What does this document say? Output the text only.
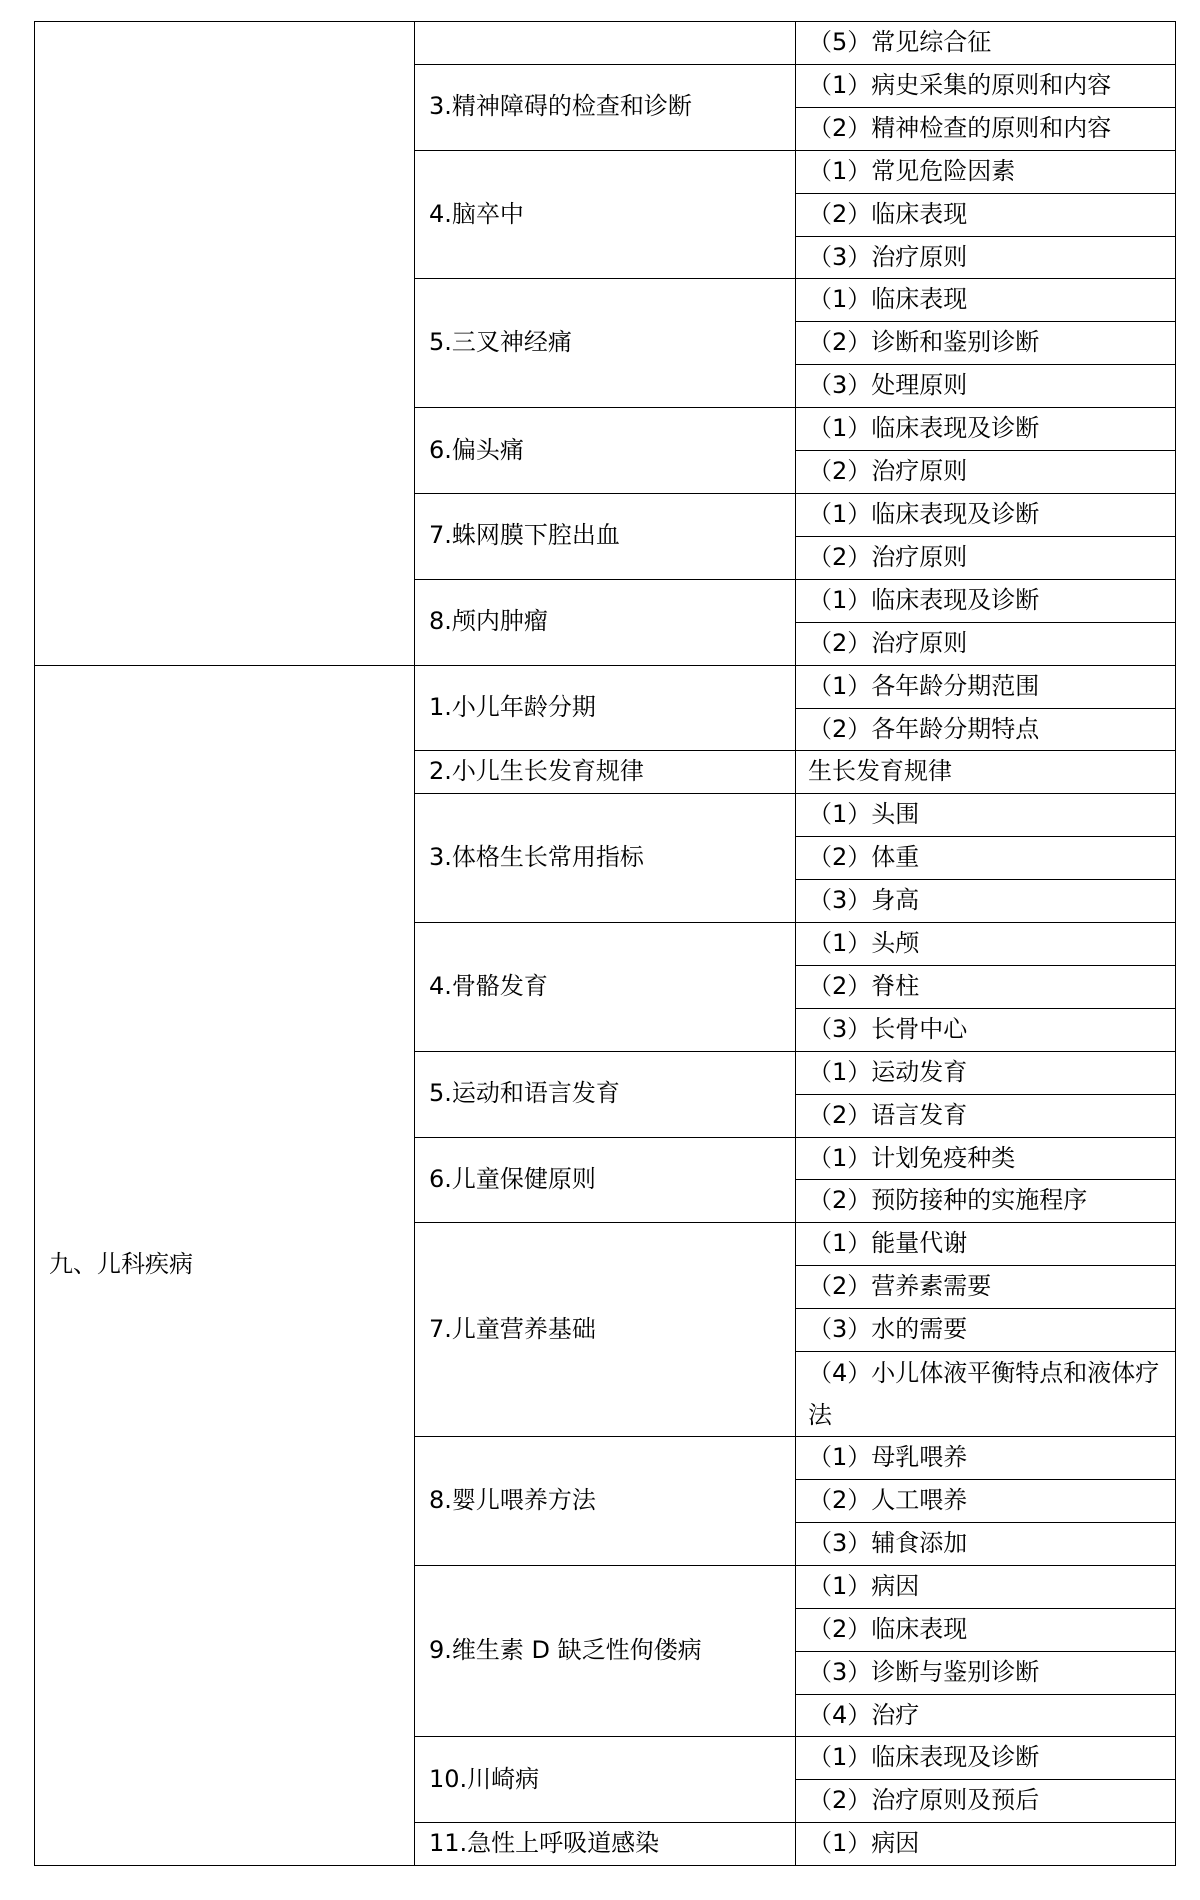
		（5）常见综合征
	3.精神障碍的检查和诊断	（1）病史采集的原则和内容
		（2）精神检查的原则和内容
	4.脑卒中	（1）常见危险因素
		（2）临床表现
		（3）治疗原则
	5.三叉神经痛	（1）临床表现
		（2）诊断和鉴别诊断
		（3）处理原则
	6.偏头痛	（1）临床表现及诊断
		（2）治疗原则
	7.蛛网膜下腔出血	（1）临床表现及诊断
		（2）治疗原则
	8.颅内肿瘤	（1）临床表现及诊断
		（2）治疗原则
九、儿科疾病	1.小儿年龄分期	（1）各年龄分期范围
		（2）各年龄分期特点
	2.小儿生长发育规律	生长发育规律
	3.体格生长常用指标	（1）头围
		（2）体重
		（3）身高
	4.骨骼发育	（1）头颅
		（2）脊柱
		（3）长骨中心
	5.运动和语言发育	（1）运动发育
		（2）语言发育
	6.儿童保健原则	（1）计划免疫种类
		（2）预防接种的实施程序
	7.儿童营养基础	（1）能量代谢
		（2）营养素需要
		（3）水的需要
		（4）小儿体液平衡特点和液体疗法
	8.婴儿喂养方法	（1）母乳喂养
		（2）人工喂养
		（3）辅食添加
	9.维生素 D 缺乏性佝偻病	（1）病因
		（2）临床表现
		（3）诊断与鉴别诊断
		（4）治疗
	10.川崎病	（1）临床表现及诊断
		（2）治疗原则及预后
	11.急性上呼吸道感染	（1）病因
